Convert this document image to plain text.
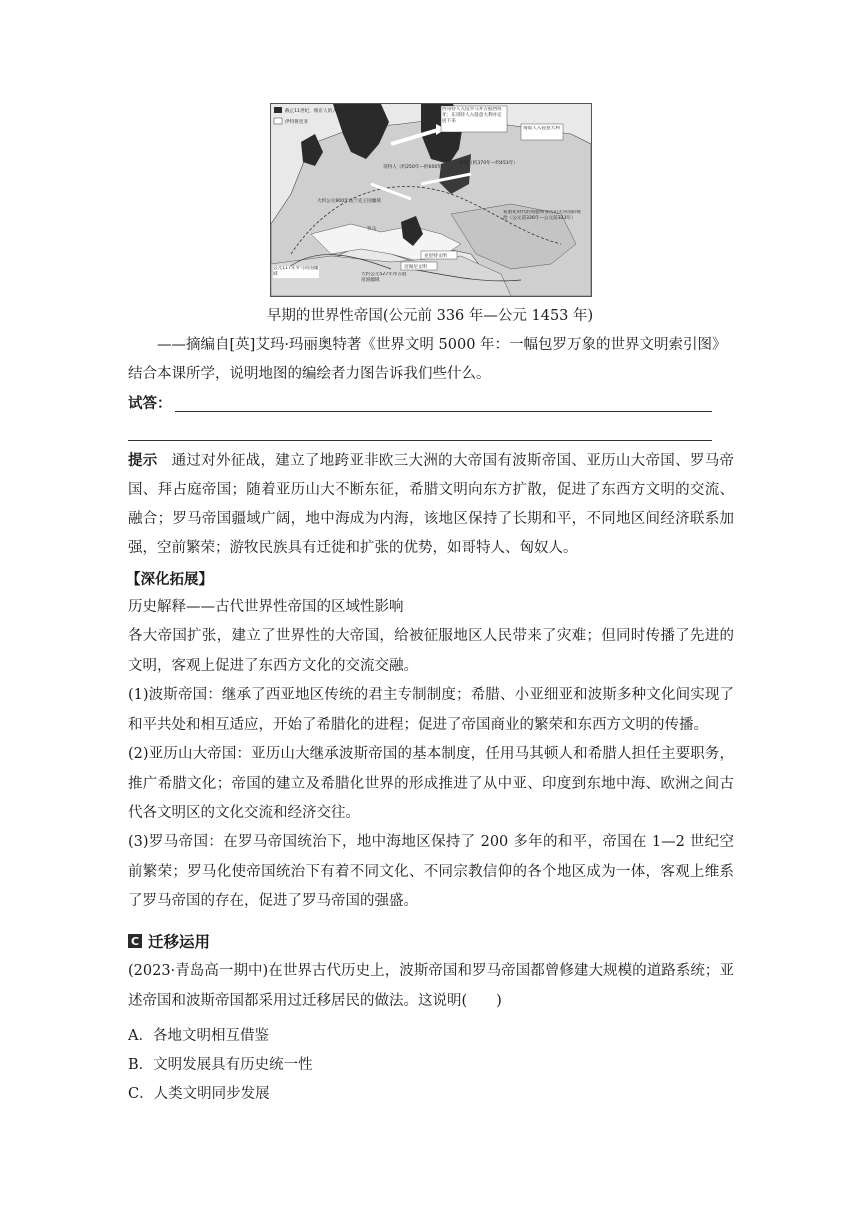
截止11世纪，维京人的入侵
伊特鲁里亚
西哥特人入侵罗马并占据西班牙；东哥特人入侵意大利并定居下来
匈奴人入侵意大利
哥特人（约250年—约600年）
匈奴（约370年—约453年）
大约公元800年法兰克王国疆域
罗马
希腊化时代的希腊和亚历山大帝国的统治（公元前336年—公元前323年）
克里特文明
迈锡尼文明
公元117年罗马帝国疆域	大约公元527年拜占庭帝国疆域
早期的世界性帝国(公元前 336 年—公元 1453 年)

——摘编自[英]艾玛·玛丽奥特著《世界文明 5000 年：一幅包罗万象的世界文明索引图》

结合本课所学，说明地图的编绘者力图告诉我们些什么。

试答：

提示 通过对外征战，建立了地跨亚非欧三大洲的大帝国有波斯帝国、亚历山大帝国、罗马帝国、拜占庭帝国；随着亚历山大不断东征，希腊文明向东方扩散，促进了东西方文明的交流、融合；罗马帝国疆域广阔，地中海成为内海，该地区保持了长期和平，不同地区间经济联系加强，空前繁荣；游牧民族具有迁徙和扩张的优势，如哥特人、匈奴人。

【深化拓展】

历史解释——古代世界性帝国的区域性影响

各大帝国扩张，建立了世界性的大帝国，给被征服地区人民带来了灾难；但同时传播了先进的文明，客观上促进了东西方文化的交流交融。

(1)波斯帝国：继承了西亚地区传统的君主专制制度；希腊、小亚细亚和波斯多种文化间实现了和平共处和相互适应，开始了希腊化的进程；促进了帝国商业的繁荣和东西方文明的传播。

(2)亚历山大帝国：亚历山大继承波斯帝国的基本制度，任用马其顿人和希腊人担任主要职务，推广希腊文化；帝国的建立及希腊化世界的形成推进了从中亚、印度到东地中海、欧洲之间古代各文明区的文化交流和经济交往。

(3)罗马帝国：在罗马帝国统治下，地中海地区保持了 200 多年的和平，帝国在 1—2 世纪空前繁荣；罗马化使帝国统治下有着不同文化、不同宗教信仰的各个地区成为一体，客观上维系了罗马帝国的存在，促进了罗马帝国的强盛。

C 迁移运用

(2023·青岛高一期中)在世界古代历史上，波斯帝国和罗马帝国都曾修建大规模的道路系统；亚述帝国和波斯帝国都采用过迁移居民的做法。这说明(　　)

A．各地文明相互借鉴
B．文明发展具有历史统一性
C．人类文明同步发展
